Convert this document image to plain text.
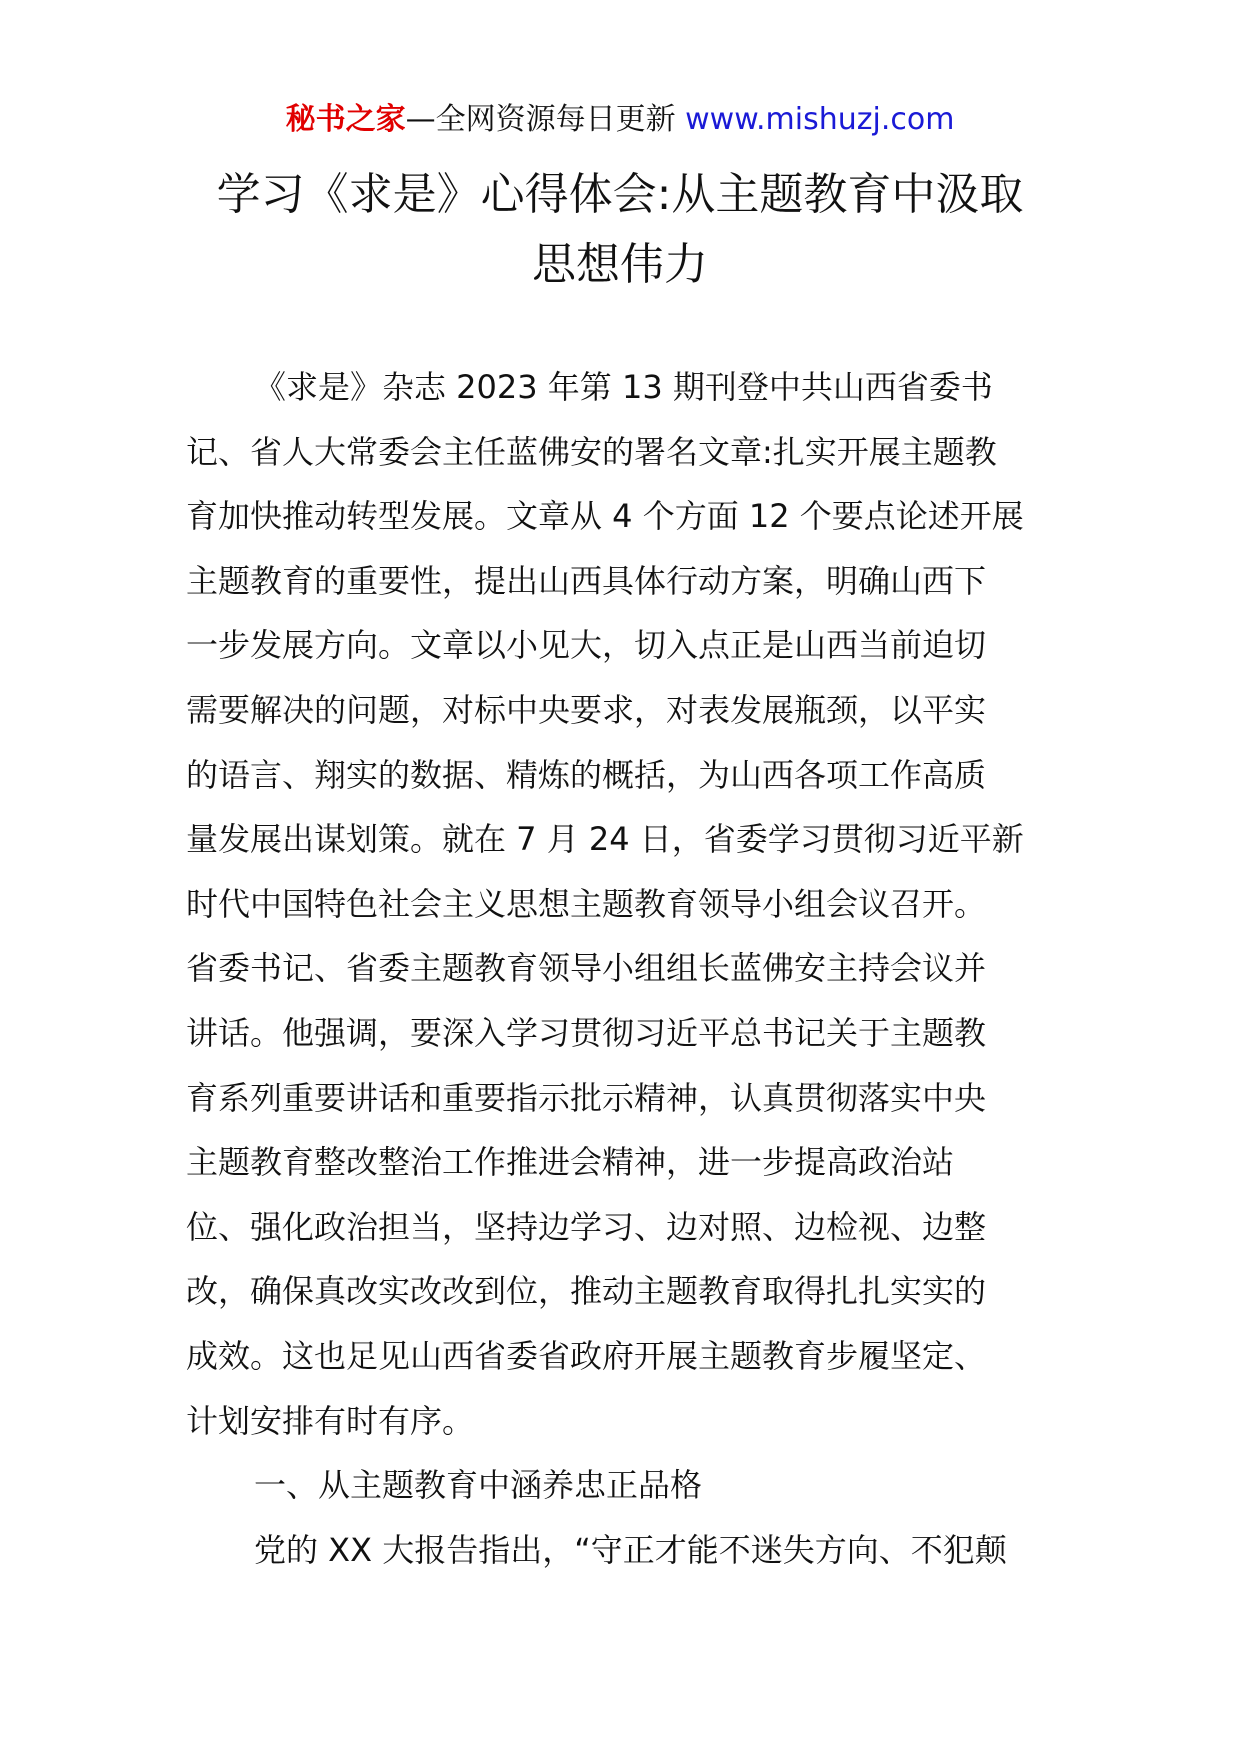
秘书之家—全网资源每日更新 www.mishuzj.com
学习《求是》心得体会:从主题教育中汲取
思想伟力
《求是》杂志 2023 年第 13 期刊登中共山西省委书
记、省人大常委会主任蓝佛安的署名文章:扎实开展主题教
育加快推动转型发展。文章从 4 个方面 12 个要点论述开展
主题教育的重要性，提出山西具体行动方案，明确山西下
一步发展方向。文章以小见大，切入点正是山西当前迫切
需要解决的问题，对标中央要求，对表发展瓶颈，以平实
的语言、翔实的数据、精炼的概括，为山西各项工作高质
量发展出谋划策。就在 7 月 24 日，省委学习贯彻习近平新
时代中国特色社会主义思想主题教育领导小组会议召开。
省委书记、省委主题教育领导小组组长蓝佛安主持会议并
讲话。他强调，要深入学习贯彻习近平总书记关于主题教
育系列重要讲话和重要指示批示精神，认真贯彻落实中央
主题教育整改整治工作推进会精神，进一步提高政治站
位、强化政治担当，坚持边学习、边对照、边检视、边整
改，确保真改实改改到位，推动主题教育取得扎扎实实的
成效。这也足见山西省委省政府开展主题教育步履坚定、
计划安排有时有序。
一、从主题教育中涵养忠正品格
党的 XX 大报告指出，“守正才能不迷失方向、不犯颠
